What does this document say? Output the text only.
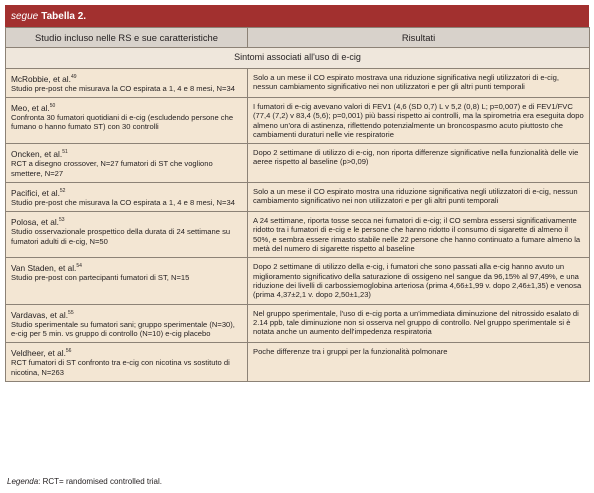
segue Tabella 2.
Studio incluso nelle RS e sue caratteristiche	Risultati
Sintomi associati all'uso di e-cig	

McRobbie, et al.$^{49}$
Studio pre-post che misurava la CO espirata a 1, 4 e 8 mesi, N=34	Solo a un mese il CO espirato mostrava una riduzione significativa negli utilizzatori di e-cig, nessun cambiamento significativo nei non utilizzatori e per gli altri punti temporali

Meo, et al.$^{50}$
Confronta 30 fumatori quotidiani di e-cig (escludendo persone che fumano o hanno fumato ST) con 30 controlli	I fumatori di e-cig avevano valori di FEV1 (4,6 (SD 0,7) L v 5,2 (0,8) L; p=0,007) e di FEV1/FVC (77,4 (7,2) v 83,4 (5,6); p=0,001) più bassi rispetto ai controlli, ma la spirometria era eseguita dopo almeno un'ora di astinenza, riflettendo potenzialmente un broncospasmo acuto piuttosto che cambiamenti duraturi nelle vie respiratorie

Oncken, et al.$^{51}$
RCT a disegno crossover, N=27 fumatori di ST che vogliono smettere, N=27	Dopo 2 settimane di utilizzo di e-cig, non riporta differenze significative nella funzionalità delle vie aeree rispetto al baseline (p>0,09)

Pacifici, et al.$^{52}$
Studio pre-post che misurava la CO espirata a 1, 4 e 8 mesi, N=34	Solo a un mese il CO espirato mostra una riduzione significativa negli utilizzatori di e-cig, nessun cambiamento significativo nei non utilizzatori e per gli altri punti temporali

Polosa, et al.$^{53}$
Studio osservazionale prospettico della durata di 24 settimane su fumatori adulti di e-cig, N=50	A 24 settimane, riporta tosse secca nei fumatori di e-cig; il CO sembra essersi significativamente ridotto tra i fumatori di e-cig e le persone che hanno ridotto il consumo di sigarette di almeno il 50%, e sembra essere rimasto stabile nelle 22 persone che hanno continuato a fumare almeno la metà del numero di sigarette rispetto al baseline

Van Staden, et al.$^{54}$
Studio pre-post con partecipanti fumatori di ST, N=15	Dopo 2 settimane di utilizzo della e-cig, i fumatori che sono passati alla e-cig hanno avuto un miglioramento significativo della saturazione di ossigeno nel sangue da 96,15% al 97,49%, e una riduzione dei livelli di carbossiemoglobina arteriosa (prima 4,66±1,99 v. dopo 2,46±1,35) e venosa (prima 4,37±2,1 v. dopo 2,50±1,23)

Vardavas, et al.$^{55}$
Studio sperimentale su fumatori sani; gruppo sperimentale (N=30), e-cig per 5 min. vs gruppo di controllo (N=10) e-cig placebo	Nel gruppo sperimentale, l'uso di e-cig porta a un'immediata diminuzione del nitrossido esalato di 2.14 ppb, tale diminuzione non si osserva nel gruppo di controllo. Nel gruppo sperimentale si è notata anche un aumento dell'impedenza respiratoria

Veldheer, et al.$^{56}$
RCT fumatori di ST confronto tra e-cig con nicotina vs sostituto di nicotina, N=263	Poche differenze tra i gruppi per la funzionalità polmonare
Legenda: RCT= randomised controlled trial.
